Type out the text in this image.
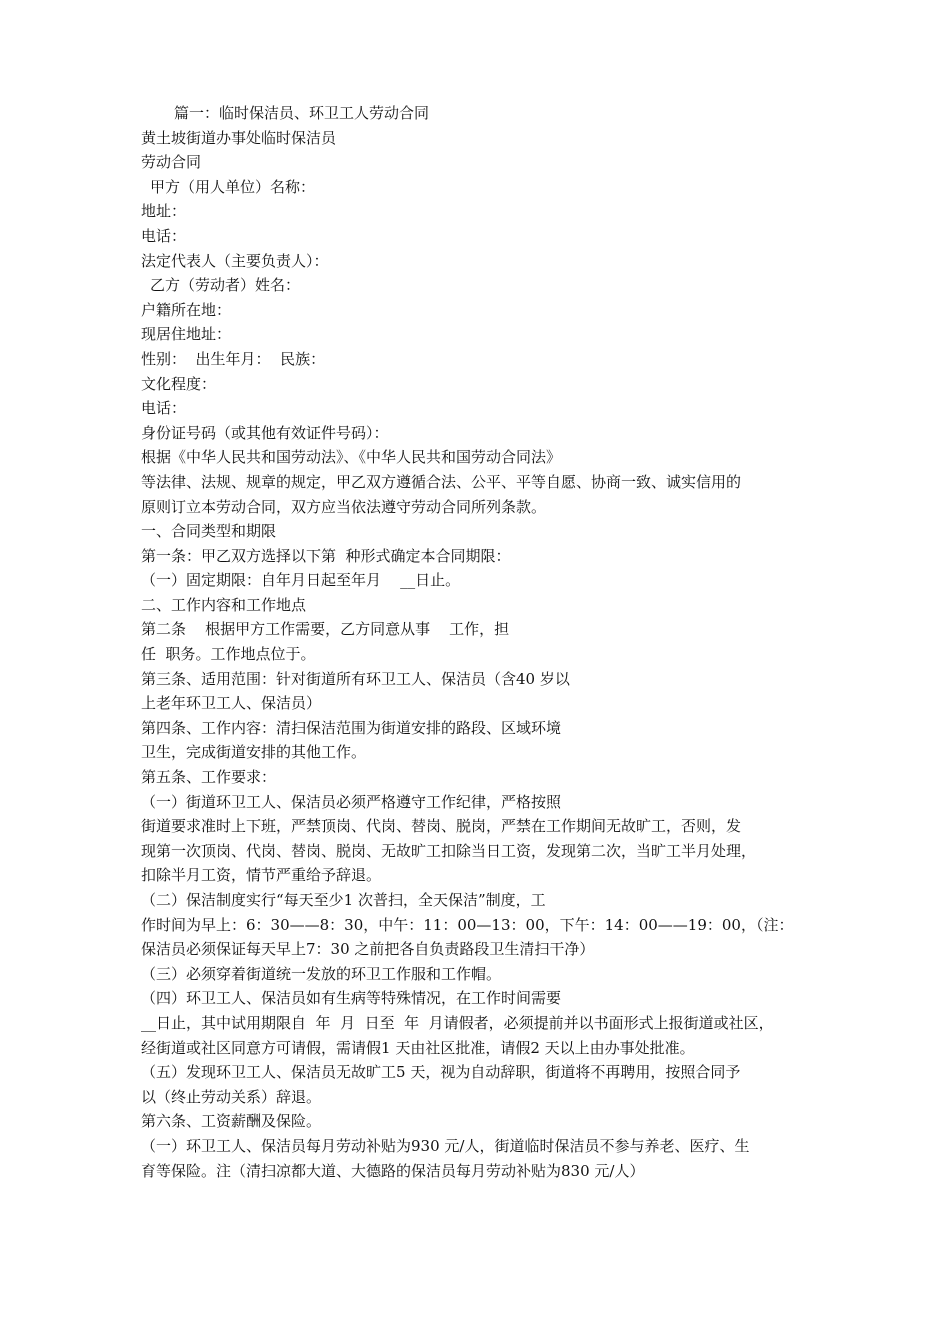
篇一：临时保洁员、环卫工人劳动合同
黄土坡街道办事处临时保洁员
劳动合同
甲方（用人单位）名称：
地址：
电话：
法定代表人（主要负责人）：
乙方（劳动者）姓名：
户籍所在地：
现居住地址：
性别：  出生年月：  民族：
文化程度：
电话：
身份证号码（或其他有效证件号码）：
根据《中华人民共和国劳动法》、《中华人民共和国劳动合同法》
等法律、法规、规章的规定，甲乙双方遵循合法、公平、平等自愿、协商一致、诚实信用的
原则订立本劳动合同，双方应当依法遵守劳动合同所列条款。
一、合同类型和期限
第一条：甲乙双方选择以下第  种形式确定本合同期限：
（一）固定期限：自年月日起至年月    __日止。
二、工作内容和工作地点
第二条    根据甲方工作需要，乙方同意从事    工作，担
任  职务。工作地点位于。
第三条、适用范围：针对街道所有环卫工人、保洁员（含40 岁以
上老年环卫工人、保洁员）
第四条、工作内容：清扫保洁范围为街道安排的路段、区域环境
卫生，完成街道安排的其他工作。
第五条、工作要求：
（一）街道环卫工人、保洁员必须严格遵守工作纪律，严格按照
街道要求准时上下班，严禁顶岗、代岗、替岗、脱岗，严禁在工作期间无故旷工，否则，发
现第一次顶岗、代岗、替岗、脱岗、无故旷工扣除当日工资，发现第二次，当旷工半月处理，
扣除半月工资，情节严重给予辞退。
（二）保洁制度实行“每天至少1 次普扫，全天保洁”制度，工
作时间为早上：6：30——8：30，中午：11：00—13：00，下午：14：00——19：00，（注：
保洁员必须保证每天早上7：30 之前把各自负责路段卫生清扫干净）
（三）必须穿着街道统一发放的环卫工作服和工作帽。
（四）环卫工人、保洁员如有生病等特殊情况，在工作时间需要
__日止，其中试用期限自  年  月  日至  年  月请假者，必须提前并以书面形式上报街道或社区，
经街道或社区同意方可请假，需请假1 天由社区批准，请假2 天以上由办事处批准。
（五）发现环卫工人、保洁员无故旷工5 天，视为自动辞职，街道将不再聘用，按照合同予
以（终止劳动关系）辞退。
第六条、工资薪酬及保险。
（一）环卫工人、保洁员每月劳动补贴为930 元/人，街道临时保洁员不参与养老、医疗、生
育等保险。注（清扫凉都大道、大德路的保洁员每月劳动补贴为830 元/人）
